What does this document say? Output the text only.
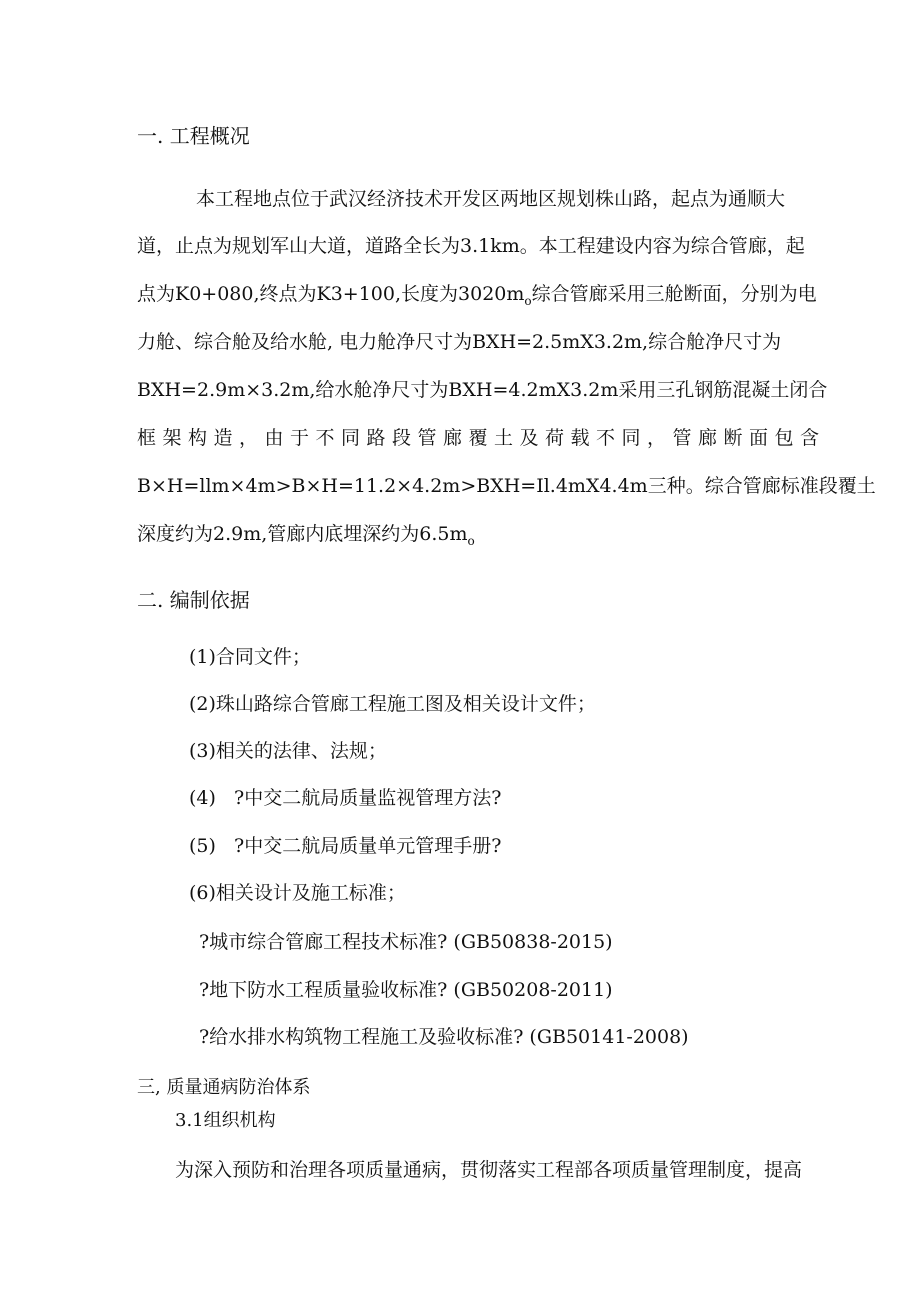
一. 工程概况
本工程地点位于武汉经济技术开发区两地区规划株山路，起点为通顺大
道，止点为规划军山大道，道路全长为3.1km。本工程建设内容为综合管廊，起
点为K0+080,终点为K3+100,长度为$3020m_o$综合管廊采用三舱断面，分别为电
力舱、综合舱及给水舱, 电力舱净尺寸为BXH=2.5mX3.2m,综合舱净尺寸为
BXH=2.9m×3.2m,给水舱净尺寸为BXH=4.2mX3.2m采用三孔钢筋混凝土闭合
框架构造，由于不同路段管廊覆土及荷载不同，管廊断面包含
B×H=llm×4m>B×H=11.2×4.2m>BXH=Il.4mX4.4m三种。综合管廊标准段覆土
深度约为2.9m,管廊内底埋深约为$6.5m_o$
二. 编制依据
(1)合同文件；
(2)珠山路综合管廊工程施工图及相关设计文件；
(3)相关的法律、法规；
(4)   ?中交二航局质量监视管理方法?
(5)   ?中交二航局质量单元管理手册?
(6)相关设计及施工标准；
?城市综合管廊工程技术标准? (GB50838-2015)
?地下防水工程质量验收标准? (GB50208-2011)
?给水排水构筑物工程施工及验收标准? (GB50141-2008)
三, 质量通病防治体系
3.1组织机构
为深入预防和治理各项质量通病，贯彻落实工程部各项质量管理制度，提高
